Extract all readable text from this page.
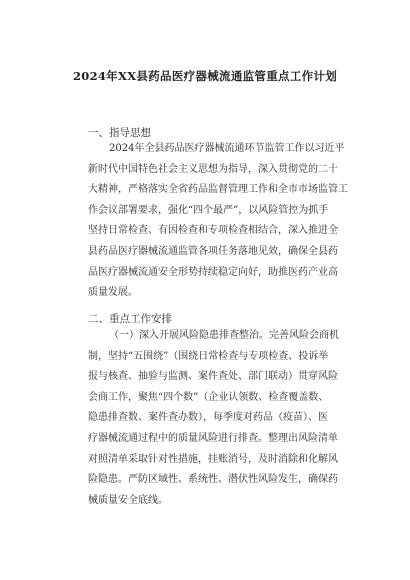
2024年XX县药品医疗器械流通监管重点工作计划
一、指导思想
2024年全县药品医疗器械流通环节监管工作以习近平
新时代中国特色社会主义思想为指导，深入贯彻党的二十
大精神，严格落实全省药品监督管理工作和全市市场监管工
作会议部署要求，强化“四个最严”，以风险管控为抓手
坚持日常检查、有因检查和专项检查相结合，深入推进全
县药品医疗器械流通监管各项任务落地见效，确保全县药
品医疗器械流通安全形势持续稳定向好，助推医药产业高
质量发展。
二、重点工作安排
（一）深入开展风险隐患排查整治。完善风险会商机
制，坚持“五围绕”（围绕日常检查与专项检查、投诉举
报与核查、抽验与监测、案件查处、部门联动）贯穿风险
会商工作，聚焦“四个数”（企业认领数、检查覆盖数、
隐患排查数、案件查办数），每季度对药品（疫苗）、医
疗器械流通过程中的质量风险进行排查。整理出风险清单
对照清单采取针对性措施，挂账消号，及时消除和化解风
险隐患。严防区域性、系统性、潜伏性风险发生，确保药
械质量安全底线。
